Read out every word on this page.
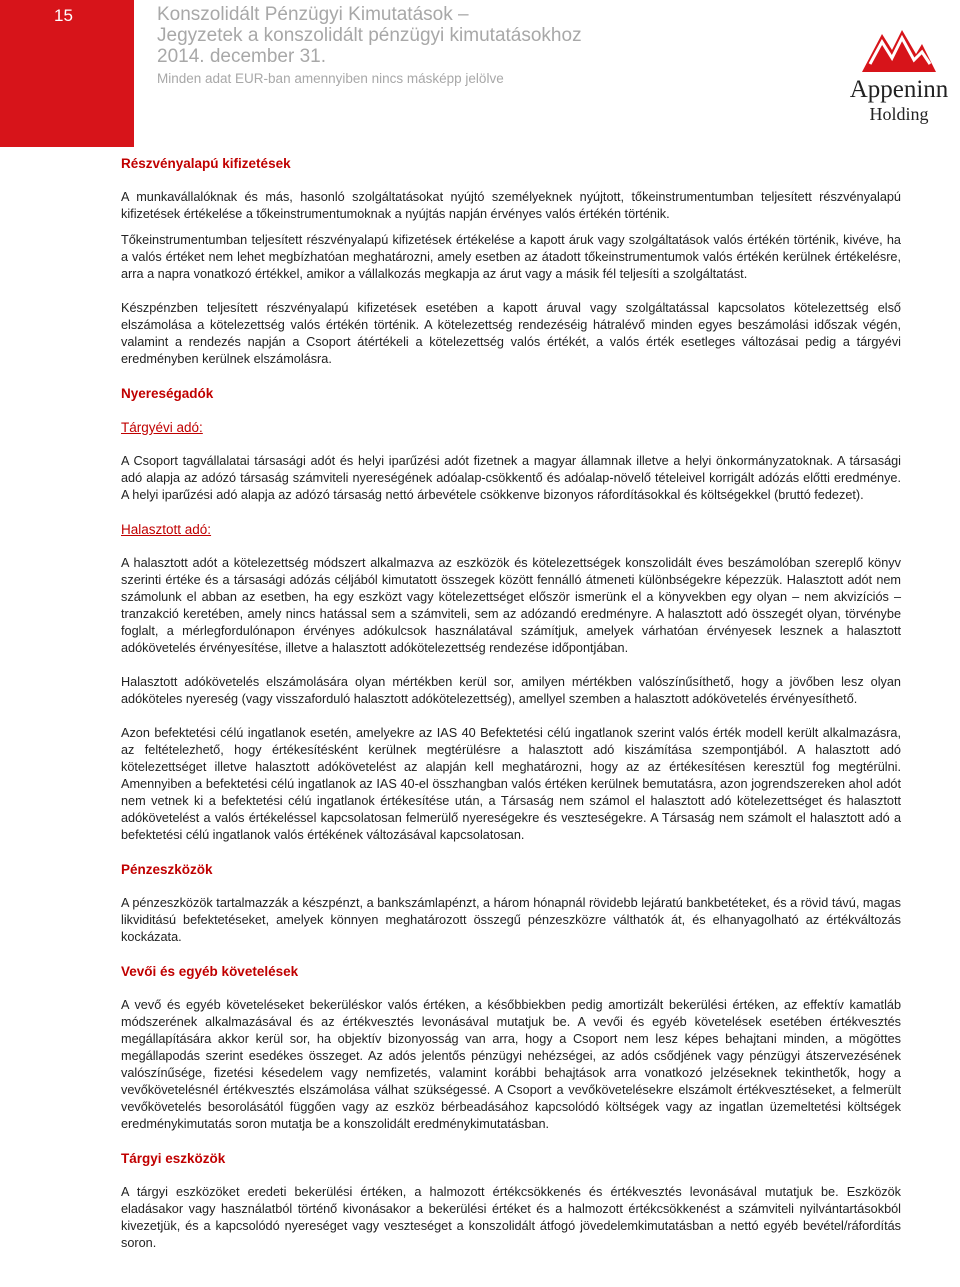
15	Konszolidált Pénzügyi Kimutatások –
Jegyzetek a konszolidált pénzügyi kimutatásokhoz
2014. december 31.
Minden adat EUR-ban amennyiben nincs másképp jelölve	Appeninn
Holding
Részvényalapú kifizetések

A munkavállalóknak és más, hasonló szolgáltatásokat nyújtó személyeknek nyújtott, tőkeinstrumentumban teljesített részvényalapú kifizetések értékelése a tőkeinstrumentumoknak a nyújtás napján érvényes valós értékén történik.

Tőkeinstrumentumban teljesített részvényalapú kifizetések értékelése a kapott áruk vagy szolgáltatások valós értékén történik, kivéve, ha a valós értéket nem lehet megbízhatóan meghatározni, amely esetben az átadott tőkeinstrumentumok valós értékén kerülnek értékelésre, arra a napra vonatkozó értékkel, amikor a vállalkozás megkapja az árut vagy a másik fél teljesíti a szolgáltatást.

Készpénzben teljesített részvényalapú kifizetések esetében a kapott áruval vagy szolgáltatással kapcsolatos kötelezettség első elszámolása a kötelezettség valós értékén történik. A kötelezettség rendezéséig hátralévő minden egyes beszámolási időszak végén, valamint a rendezés napján a Csoport átértékeli a kötelezettség valós értékét, a valós érték esetleges változásai pedig a tárgyévi eredményben kerülnek elszámolásra.

Nyereségadók
Tárgyévi adó:

A Csoport tagvállalatai társasági adót és helyi iparűzési adót fizetnek a magyar államnak illetve a helyi önkormányzatoknak. A társasági adó alapja az adózó társaság számviteli nyereségének adóalap-csökkentő és adóalap-növelő tételeivel korrigált adózás előtti eredménye. A helyi iparűzési adó alapja az adózó társaság nettó árbevétele csökkenve bizonyos ráfordításokkal és költségekkel (bruttó fedezet).

Halasztott adó:

A halasztott adót a kötelezettség módszert alkalmazva az eszközök és kötelezettségek konszolidált éves beszámolóban szereplő könyv szerinti értéke és a társasági adózás céljából kimutatott összegek között fennálló átmeneti különbségekre képezzük. Halasztott adót nem számolunk el abban az esetben, ha egy eszközt vagy kötelezettséget először ismerünk el a könyvekben egy olyan – nem akvizíciós – tranzakció keretében, amely nincs hatással sem a számviteli, sem az adózandó eredményre. A halasztott adó összegét olyan, törvénybe foglalt, a mérlegfordulónapon érvényes adókulcsok használatával számítjuk, amelyek várhatóan érvényesek lesznek a halasztott adókövetelés érvényesítése, illetve a halasztott adókötelezettség rendezése időpontjában.

Halasztott adókövetelés elszámolására olyan mértékben kerül sor, amilyen mértékben valószínűsíthető, hogy a jövőben lesz olyan adóköteles nyereség (vagy visszaforduló halasztott adókötelezettség), amellyel szemben a halasztott adókövetelés érvényesíthető.

Azon befektetési célú ingatlanok esetén, amelyekre az IAS 40 Befektetési célú ingatlanok szerint valós érték modell került alkalmazásra, az feltételezhető, hogy értékesítésként kerülnek megtérülésre a halasztott adó kiszámítása szempontjából. A halasztott adó kötelezettséget illetve halasztott adókövetelést az alapján kell meghatározni, hogy az az értékesítésen keresztül fog megtérülni. Amennyiben a befektetési célú ingatlanok az IAS 40-el összhangban valós értéken kerülnek bemutatásra, azon jogrendszereken ahol adót nem vetnek ki a befektetési célú ingatlanok értékesítése után, a Társaság nem számol el halasztott adó kötelezettséget és halasztott adókövetelést a valós értékeléssel kapcsolatosan felmerülő nyereségekre és veszteségekre. A Társaság nem számolt el halasztott adó a befektetési célú ingatlanok valós értékének változásával kapcsolatosan.

Pénzeszközök

A pénzeszközök tartalmazzák a készpénzt, a bankszámlapénzt, a három hónapnál rövidebb lejáratú bankbetéteket, és a rövid távú, magas likviditású befektetéseket, amelyek könnyen meghatározott összegű pénzeszközre válthatók át, és elhanyagolható az értékváltozás kockázata.

Vevői és egyéb követelések

A vevő és egyéb követeléseket bekerüléskor valós értéken, a későbbiekben pedig amortizált bekerülési értéken, az effektív kamatláb módszerének alkalmazásával és az értékvesztés levonásával mutatjuk be. A vevői és egyéb követelések esetében értékvesztés megállapítására akkor kerül sor, ha objektív bizonyosság van arra, hogy a Csoport nem lesz képes behajtani minden, a mögöttes megállapodás szerint esedékes összeget. Az adós jelentős pénzügyi nehézségei, az adós csődjének vagy pénzügyi átszervezésének valószínűsége, fizetési késedelem vagy nemfizetés, valamint korábbi behajtások arra vonatkozó jelzéseknek tekinthetők, hogy a vevőkövetelésnél értékvesztés elszámolása válhat szükségessé. A Csoport a vevőkövetelésekre elszámolt értékvesztéseket, a felmerült vevőkövetelés besorolásától függően vagy az eszköz bérbeadásához kapcsolódó költségek vagy az ingatlan üzemeltetési költségek eredménykimutatás soron mutatja be a konszolidált eredménykimutatásban.

Tárgyi eszközök

A tárgyi eszközöket eredeti bekerülési értéken, a halmozott értékcsökkenés és értékvesztés levonásával mutatjuk be. Eszközök eladásakor vagy használatból történő kivonásakor a bekerülési értéket és a halmozott értékcsökkenést a számviteli nyilvántartásokból kivezetjük, és a kapcsolódó nyereséget vagy veszteséget a konszolidált átfogó jövedelemkimutatásban a nettó egyéb bevétel/ráfordítás soron.
